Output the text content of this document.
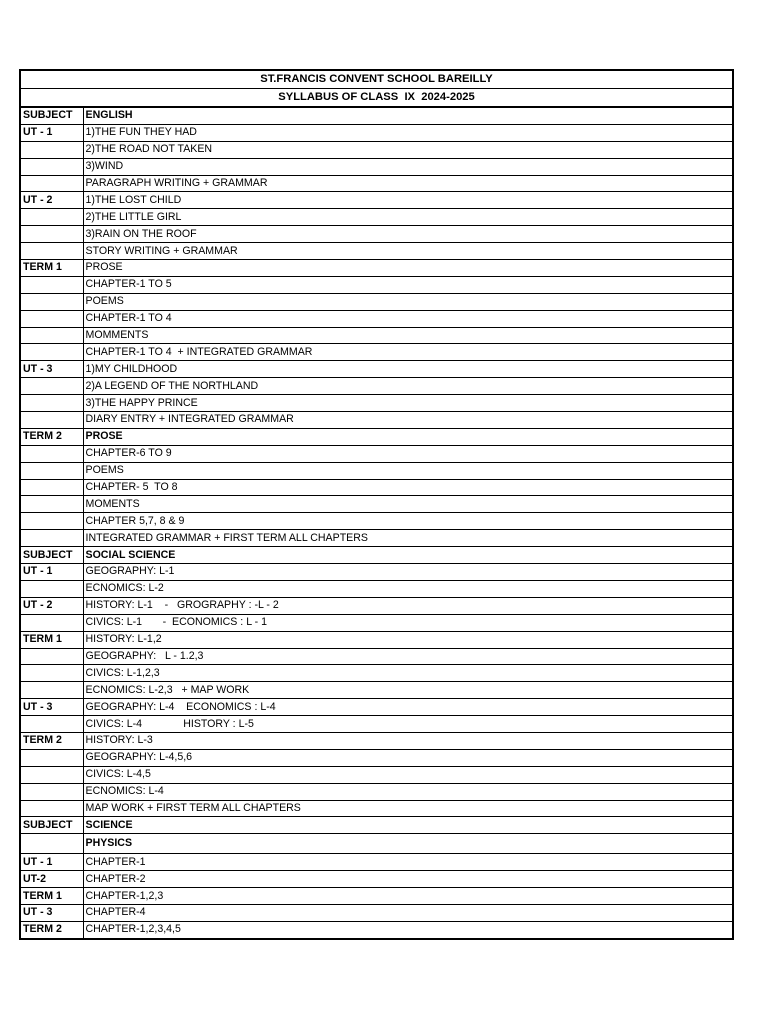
ST.FRANCIS CONVENT SCHOOL BAREILLY	
SYLLABUS OF CLASS  IX  2024-2025	
SUBJECT	ENGLISH
UT - 1	1)THE FUN THEY HAD
	2)THE ROAD NOT TAKEN
	3)WIND
	PARAGRAPH WRITING + GRAMMAR
UT - 2	1)THE LOST CHILD
	2)THE LITTLE GIRL
	3)RAIN ON THE ROOF
	STORY WRITING + GRAMMAR
TERM 1	PROSE
	CHAPTER-1 TO 5
	POEMS
	CHAPTER-1 TO 4
	MOMMENTS
	CHAPTER-1 TO 4  + INTEGRATED GRAMMAR
UT - 3	1)MY CHILDHOOD
	2)A LEGEND OF THE NORTHLAND
	3)THE HAPPY PRINCE
	DIARY ENTRY + INTEGRATED GRAMMAR
TERM 2	PROSE
	CHAPTER-6 TO 9
	POEMS
	CHAPTER- 5  TO 8
	MOMENTS
	CHAPTER 5,7, 8 & 9
	INTEGRATED GRAMMAR + FIRST TERM ALL CHAPTERS
SUBJECT	SOCIAL SCIENCE
UT - 1	GEOGRAPHY: L-1
	ECNOMICS: L-2
UT - 2	HISTORY: L-1    -   GROGRAPHY : -L - 2
	CIVICS: L-1       -  ECONOMICS : L - 1
TERM 1	HISTORY: L-1,2
	GEOGRAPHY:   L - 1.2,3
	CIVICS: L-1,2,3
	ECNOMICS: L-2,3   + MAP WORK
UT - 3	GEOGRAPHY: L-4    ECONOMICS : L-4
	CIVICS: L-4              HISTORY : L-5
TERM 2	HISTORY: L-3
	GEOGRAPHY: L-4,5,6
	CIVICS: L-4,5
	ECNOMICS: L-4
	MAP WORK + FIRST TERM ALL CHAPTERS
SUBJECT	SCIENCE
	PHYSICS
UT - 1	CHAPTER-1
UT-2	CHAPTER-2
TERM 1	CHAPTER-1,2,3
UT - 3	CHAPTER-4
TERM 2	CHAPTER-1,2,3,4,5
